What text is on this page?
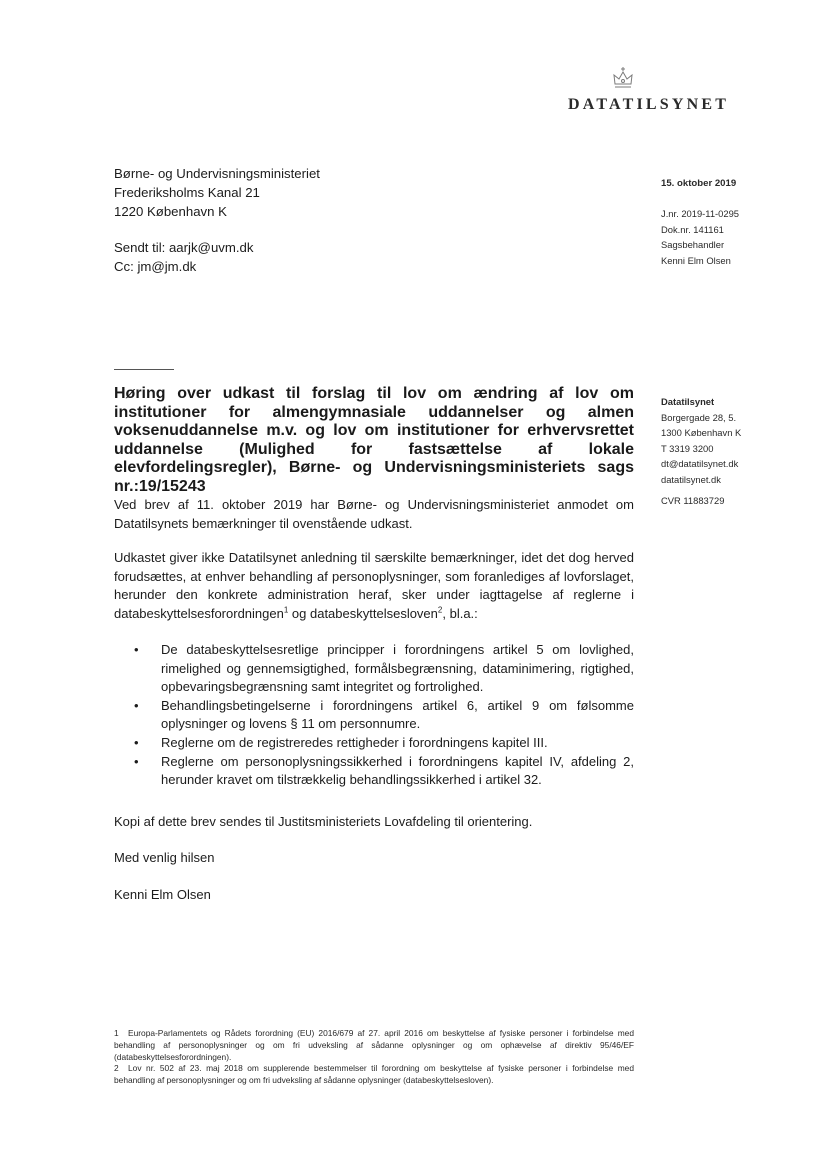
DATATILSYNET
Børne- og Undervisningsministeriet
Frederiksholms Kanal 21
1220 København K
Sendt til: aarjk@uvm.dk
Cc: jm@jm.dk
15. oktober 2019
J.nr. 2019-11-0295
Dok.nr. 141161
Sagsbehandler
Kenni Elm Olsen
Datatilsynet
Borgergade 28, 5.
1300 København K
T 3319 3200
dt@datatilsynet.dk
datatilsynet.dk
CVR 11883729
Høring over udkast til forslag til lov om ændring af lov om institutioner for almengymnasiale uddannelser og almen voksenuddannelse m.v. og lov om institutioner for erhvervsrettet uddannelse (Mulighed for fastsættelse af lokale elevfordelingsregler), Børne- og Undervisningsministeriets sags nr.:19/15243
Ved brev af 11. oktober 2019 har Børne- og Undervisningsministeriet anmodet om Datatilsynets bemærkninger til ovenstående udkast.
Udkastet giver ikke Datatilsynet anledning til særskilte bemærkninger, idet det dog herved forudsættes, at enhver behandling af personoplysninger, som foranlediges af lovforslaget, herunder den konkrete administration heraf, sker under iagttagelse af reglerne i databeskyttelsesforordningen$^1$ og databeskyttelsesloven$^2$, bl.a.:
• De databeskyttelsesretlige principper i forordningens artikel 5 om lovlighed, rimelighed og gennemsigtighed, formålsbegrænsning, dataminimering, rigtighed, opbevaringsbegrænsning samt integritet og fortrolighed.
• Behandlingsbetingelserne i forordningens artikel 6, artikel 9 om følsomme oplysninger og lovens § 11 om personnumre.
• Reglerne om de registreredes rettigheder i forordningens kapitel III.
• Reglerne om personoplysningssikkerhed i forordningens kapitel IV, afdeling 2, herunder kravet om tilstrækkelig behandlingssikkerhed i artikel 32.
Kopi af dette brev sendes til Justitsministeriets Lovafdeling til orientering.
Med venlig hilsen
Kenni Elm Olsen
1 Europa-Parlamentets og Rådets forordning (EU) 2016/679 af 27. april 2016 om beskyttelse af fysiske personer i forbindelse med behandling af personoplysninger og om fri udveksling af sådanne oplysninger og om ophævelse af direktiv 95/46/EF (databeskyttelsesforordningen).
2 Lov nr. 502 af 23. maj 2018 om supplerende bestemmelser til forordning om beskyttelse af fysiske personer i forbindelse med behandling af personoplysninger og om fri udveksling af sådanne oplysninger (databeskyttelsesloven).
